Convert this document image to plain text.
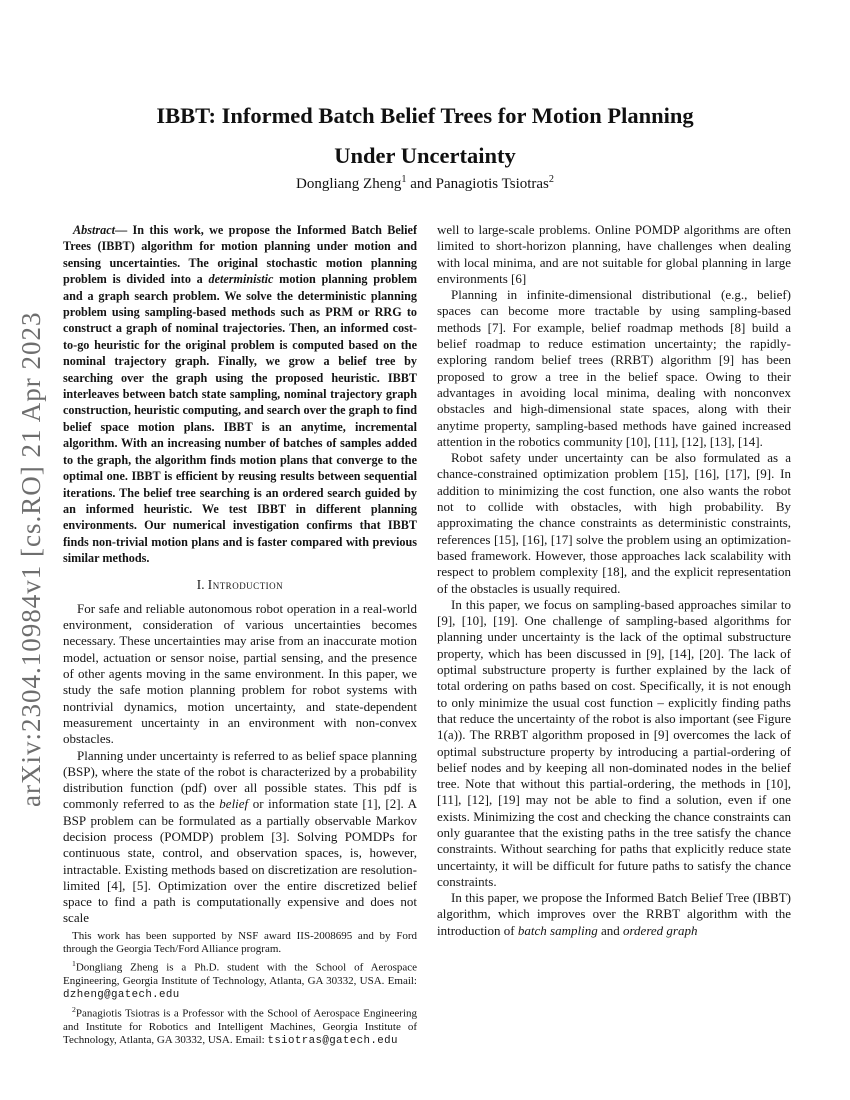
arXiv:2304.10984v1 [cs.RO] 21 Apr 2023
IBBT: Informed Batch Belief Trees for Motion Planning
Under Uncertainty
Dongliang Zheng$^1$ and Panagiotis Tsiotras$^2$
Abstract— In this work, we propose the Informed Batch Belief Trees (IBBT) algorithm for motion planning under motion and sensing uncertainties. The original stochastic motion planning problem is divided into a deterministic motion planning problem and a graph search problem. We solve the deterministic planning problem using sampling-based methods such as PRM or RRG to construct a graph of nominal trajectories. Then, an informed cost-to-go heuristic for the original problem is computed based on the nominal trajectory graph. Finally, we grow a belief tree by searching over the graph using the proposed heuristic. IBBT interleaves between batch state sampling, nominal trajectory graph construction, heuristic computing, and search over the graph to find belief space motion plans. IBBT is an anytime, incremental algorithm. With an increasing number of batches of samples added to the graph, the algorithm finds motion plans that converge to the optimal one. IBBT is efficient by reusing results between sequential iterations. The belief tree searching is an ordered search guided by an informed heuristic. We test IBBT in different planning environments. Our numerical investigation confirms that IBBT finds non-trivial motion plans and is faster compared with previous similar methods.
I. Introduction
For safe and reliable autonomous robot operation in a real-world environment, consideration of various uncertainties becomes necessary. These uncertainties may arise from an inaccurate motion model, actuation or sensor noise, partial sensing, and the presence of other agents moving in the same environment. In this paper, we study the safe motion planning problem for robot systems with nontrivial dynamics, motion uncertainty, and state-dependent measurement uncertainty in an environment with non-convex obstacles.
Planning under uncertainty is referred to as belief space planning (BSP), where the state of the robot is characterized by a probability distribution function (pdf) over all possible states. This pdf is commonly referred to as the belief or information state [1], [2]. A BSP problem can be formulated as a partially observable Markov decision process (POMDP) problem [3]. Solving POMDPs for continuous state, control, and observation spaces, is, however, intractable. Existing methods based on discretization are resolution-limited [4], [5]. Optimization over the entire discretized belief space to find a path is computationally expensive and does not scale
This work has been supported by NSF award IIS-2008695 and by Ford through the Georgia Tech/Ford Alliance program.
$^1$Dongliang Zheng is a Ph.D. student with the School of Aerospace Engineering, Georgia Institute of Technology, Atlanta, GA 30332, USA. Email: dzheng@gatech.edu
$^2$Panagiotis Tsiotras is a Professor with the School of Aerospace Engineering and Institute for Robotics and Intelligent Machines, Georgia Institute of Technology, Atlanta, GA 30332, USA. Email: tsiotras@gatech.edu
well to large-scale problems. Online POMDP algorithms are often limited to short-horizon planning, have challenges when dealing with local minima, and are not suitable for global planning in large environments [6]
Planning in infinite-dimensional distributional (e.g., belief) spaces can become more tractable by using sampling-based methods [7]. For example, belief roadmap methods [8] build a belief roadmap to reduce estimation uncertainty; the rapidly-exploring random belief trees (RRBT) algorithm [9] has been proposed to grow a tree in the belief space. Owing to their advantages in avoiding local minima, dealing with nonconvex obstacles and high-dimensional state spaces, along with their anytime property, sampling-based methods have gained increased attention in the robotics community [10], [11], [12], [13], [14].
Robot safety under uncertainty can be also formulated as a chance-constrained optimization problem [15], [16], [17], [9]. In addition to minimizing the cost function, one also wants the robot not to collide with obstacles, with high probability. By approximating the chance constraints as deterministic constraints, references [15], [16], [17] solve the problem using an optimization-based framework. However, those approaches lack scalability with respect to problem complexity [18], and the explicit representation of the obstacles is usually required.
In this paper, we focus on sampling-based approaches similar to [9], [10], [19]. One challenge of sampling-based algorithms for planning under uncertainty is the lack of the optimal substructure property, which has been discussed in [9], [14], [20]. The lack of optimal substructure property is further explained by the lack of total ordering on paths based on cost. Specifically, it is not enough to only minimize the usual cost function – explicitly finding paths that reduce the uncertainty of the robot is also important (see Figure 1(a)). The RRBT algorithm proposed in [9] overcomes the lack of optimal substructure property by introducing a partial-ordering of belief nodes and by keeping all non-dominated nodes in the belief tree. Note that without this partial-ordering, the methods in [10], [11], [12], [19] may not be able to find a solution, even if one exists. Minimizing the cost and checking the chance constraints can only guarantee that the existing paths in the tree satisfy the chance constraints. Without searching for paths that explicitly reduce state uncertainty, it will be difficult for future paths to satisfy the chance constraints.
In this paper, we propose the Informed Batch Belief Tree (IBBT) algorithm, which improves over the RRBT algorithm with the introduction of batch sampling and ordered graph
